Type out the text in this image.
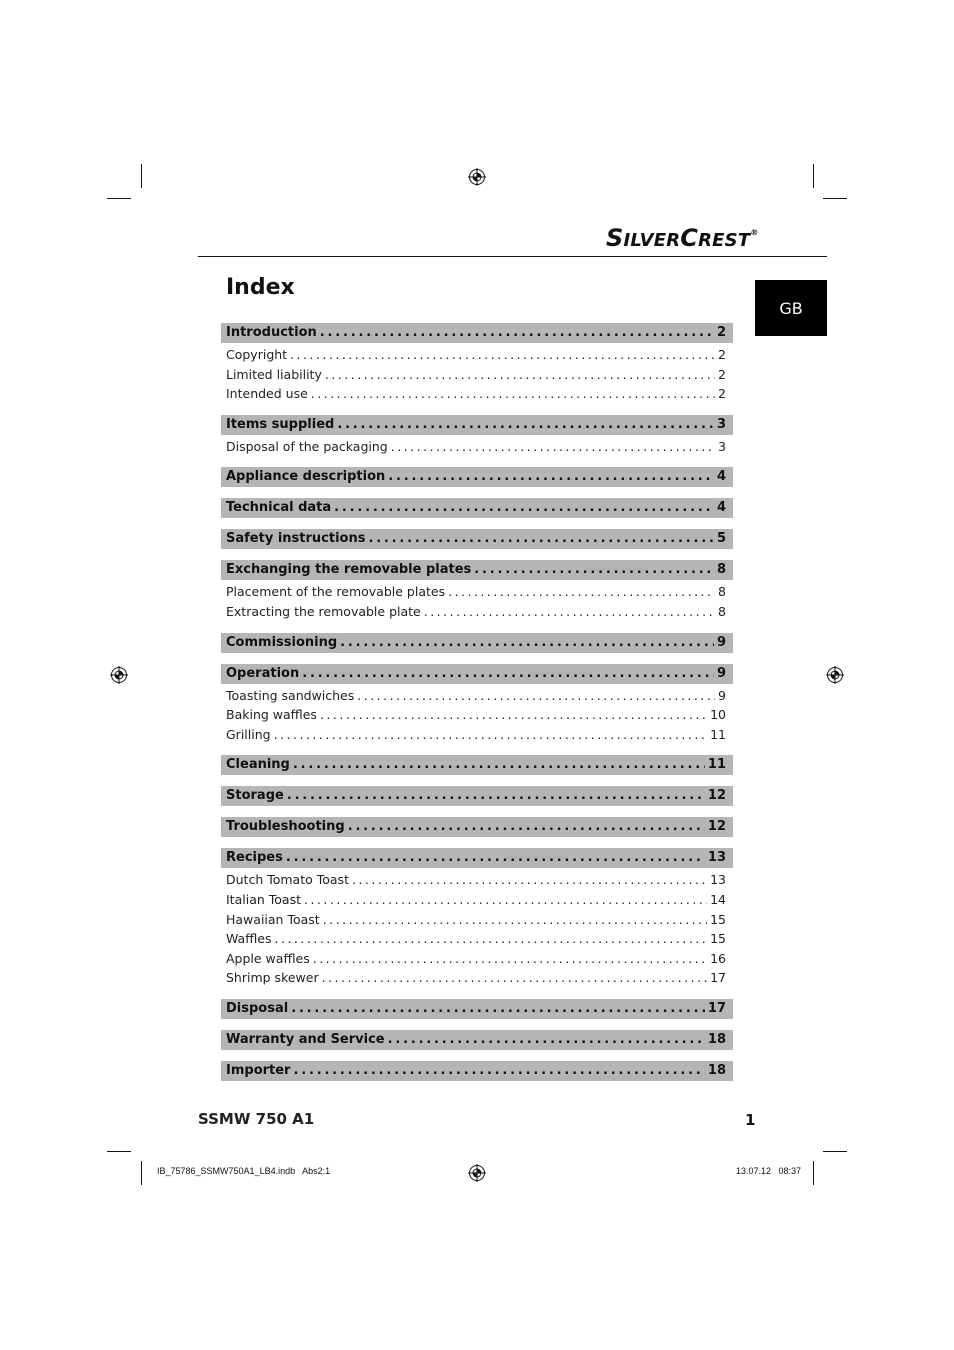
SILVERCREST®
GB
Index
Introduction .....	2
Copyright .....	2
Limited liability .....	2
Intended use .....	2
Items supplied .....	3
Disposal of the packaging .....	3
Appliance description .....	4
Technical data .....	4
Safety instructions .....	5
Exchanging the removable plates .....	8
Placement of the removable plates .....	8
Extracting the removable plate .....	8
Commissioning .....	9
Operation .....	9
Toasting sandwiches .....	9
Baking waffles .....	10
Grilling .....	11
Cleaning .....	11
Storage .....	12
Troubleshooting .....	12
Recipes .....	13
Dutch Tomato Toast .....	13
Italian Toast .....	14
Hawaiian Toast .....	15
Waffles .....	15
Apple waffles .....	16
Shrimp skewer .....	17
Disposal .....	17
Warranty and Service .....	18
Importer .....	18
SSMW 750 A1	1
IB_75786_SSMW750A1_LB4.indb   Abs2:1	13.07.12   08:37
